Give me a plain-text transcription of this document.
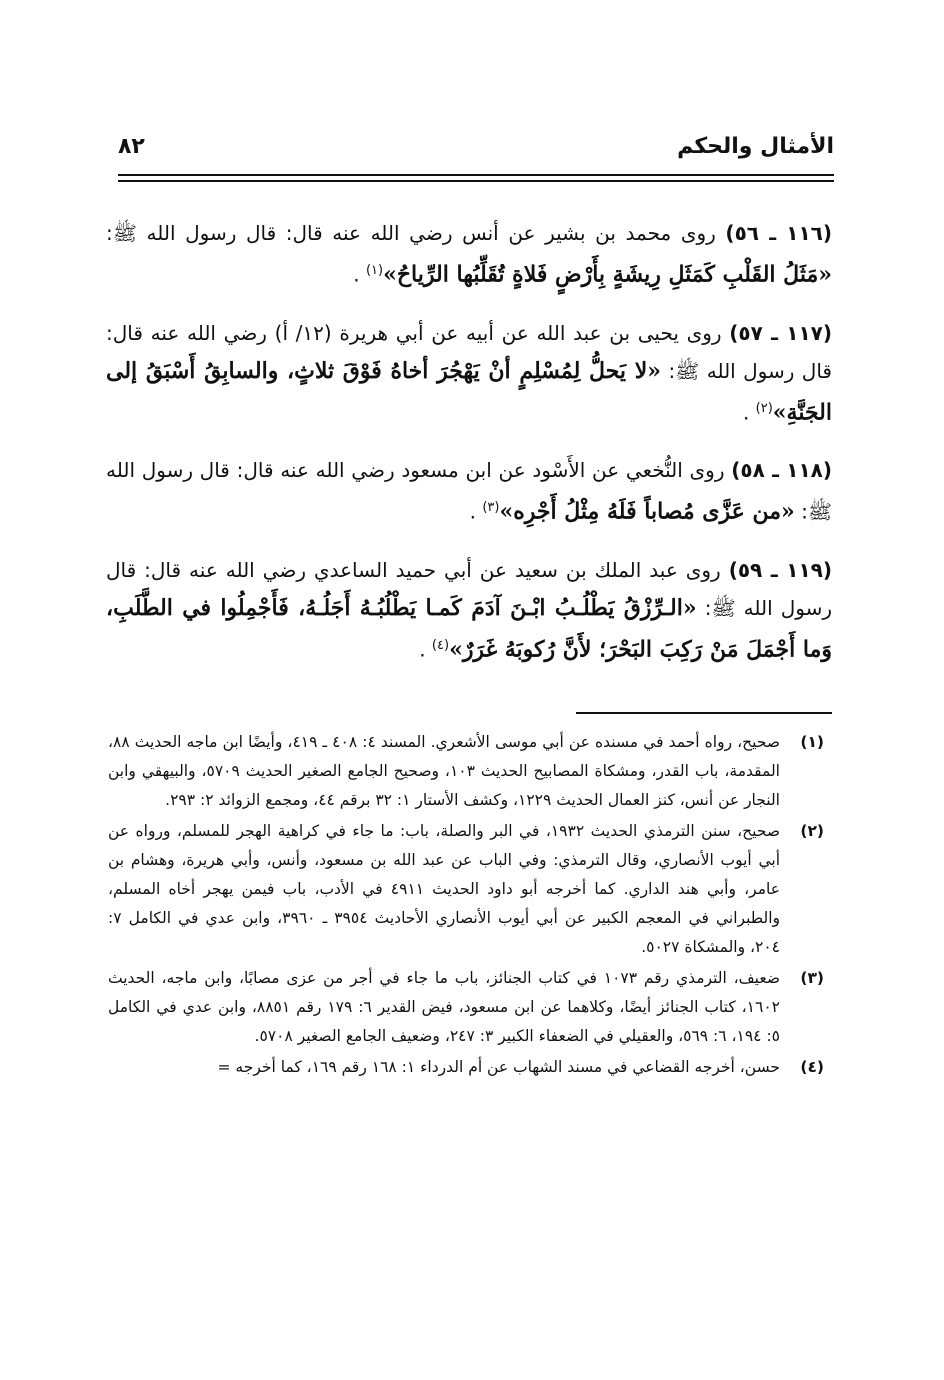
الأمثال والحكم
٨٢

(١١٦ ـ ٥٦) روى محمد بن بشير عن أنس رضي الله عنه قال: قال رسول الله ﷺ: «مَثَلُ القَلْبِ كَمَثَلِ رِيشَةٍ بِأَرْضٍ فَلاةٍ تُقَلِّبُها الرِّياحُ»$^{(١)}$ .

(١١٧ ـ ٥٧) روى يحيى بن عبد الله عن أبيه عن أبي هريرة (١٢/ أ) رضي الله عنه قال: قال رسول الله ﷺ: «لا يَحلُّ لِمُسْلِمٍ أنْ يَهْجُرَ أخاهُ فَوْقَ ثلاثٍ، والسابِقُ أَسْبَقُ إلى الجَنَّةِ»$^{(٢)}$ .

(١١٨ ـ ٥٨) روى النُّخعي عن الأَسْود عن ابن مسعود رضي الله عنه قال: قال رسول الله ﷺ: «من عَزَّى مُصاباً فَلَهُ مِثْلُ أَجْرِه»$^{(٣)}$ .

(١١٩ ـ ٥٩) روى عبد الملك بن سعيد عن أبي حميد الساعدي رضي الله عنه قال: قال رسول الله ﷺ: «الـرِّزْقُ يَطْلُـبُ ابْـنَ آدَمَ كَمـا يَطْلُبُـهُ أَجَلُـهُ، فَأَجْمِلُوا في الطَّلَبِ، وَما أَجْمَلَ مَنْ رَكِبَ البَحْرَ؛ لأَنَّ رُكوبَهُ غَرَرٌ»$^{(٤)}$ .

(١)
صحيح، رواه أحمد في مسنده عن أبي موسى الأشعري. المسند ٤: ٤٠٨ ـ ٤١٩، وأيضًا ابن ماجه الحديث ٨٨، المقدمة، باب القدر، ومشكاة المصابيح الحديث ١٠٣، وصحيح الجامع الصغير الحديث ٥٧٠٩، والبيهقي وابن النجار عن أنس، كنز العمال الحديث ١٢٢٩، وكشف الأستار ١: ٣٢ برقم ٤٤، ومجمع الزوائد ٢: ٢٩٣.
(٢)
صحيح، سنن الترمذي الحديث ١٩٣٢، في البر والصلة، باب: ما جاء في كراهية الهجر للمسلم، ورواه عن أبي أيوب الأنصاري، وقال الترمذي: وفي الباب عن عبد الله بن مسعود، وأنس، وأبي هريرة، وهشام بن عامر، وأبي هند الداري. كما أخرجه أبو داود الحديث ٤٩١١ في الأدب، باب فيمن يهجر أخاه المسلم، والطبراني في المعجم الكبير عن أبي أيوب الأنصاري الأحاديث ٣٩٥٤ ـ ٣٩٦٠، وابن عدي في الكامل ٧: ٢٠٤، والمشكاة ٥٠٢٧.
(٣)
ضعيف، الترمذي رقم ١٠٧٣ في كتاب الجنائز، باب ما جاء في أجر من عزى مصابًا، وابن ماجه، الحديث ١٦٠٢، كتاب الجنائز أيضًا، وكلاهما عن ابن مسعود، فيض القدير ٦: ١٧٩ رقم ٨٨٥١، وابن عدي في الكامل ٥: ١٩٤، ٦: ٥٦٩، والعقيلي في الضعفاء الكبير ٣: ٢٤٧، وضعيف الجامع الصغير ٥٧٠٨.
(٤)
حسن، أخرجه القضاعي في مسند الشهاب عن أم الدرداء ١: ١٦٨ رقم ١٦٩، كما أخرجه =
